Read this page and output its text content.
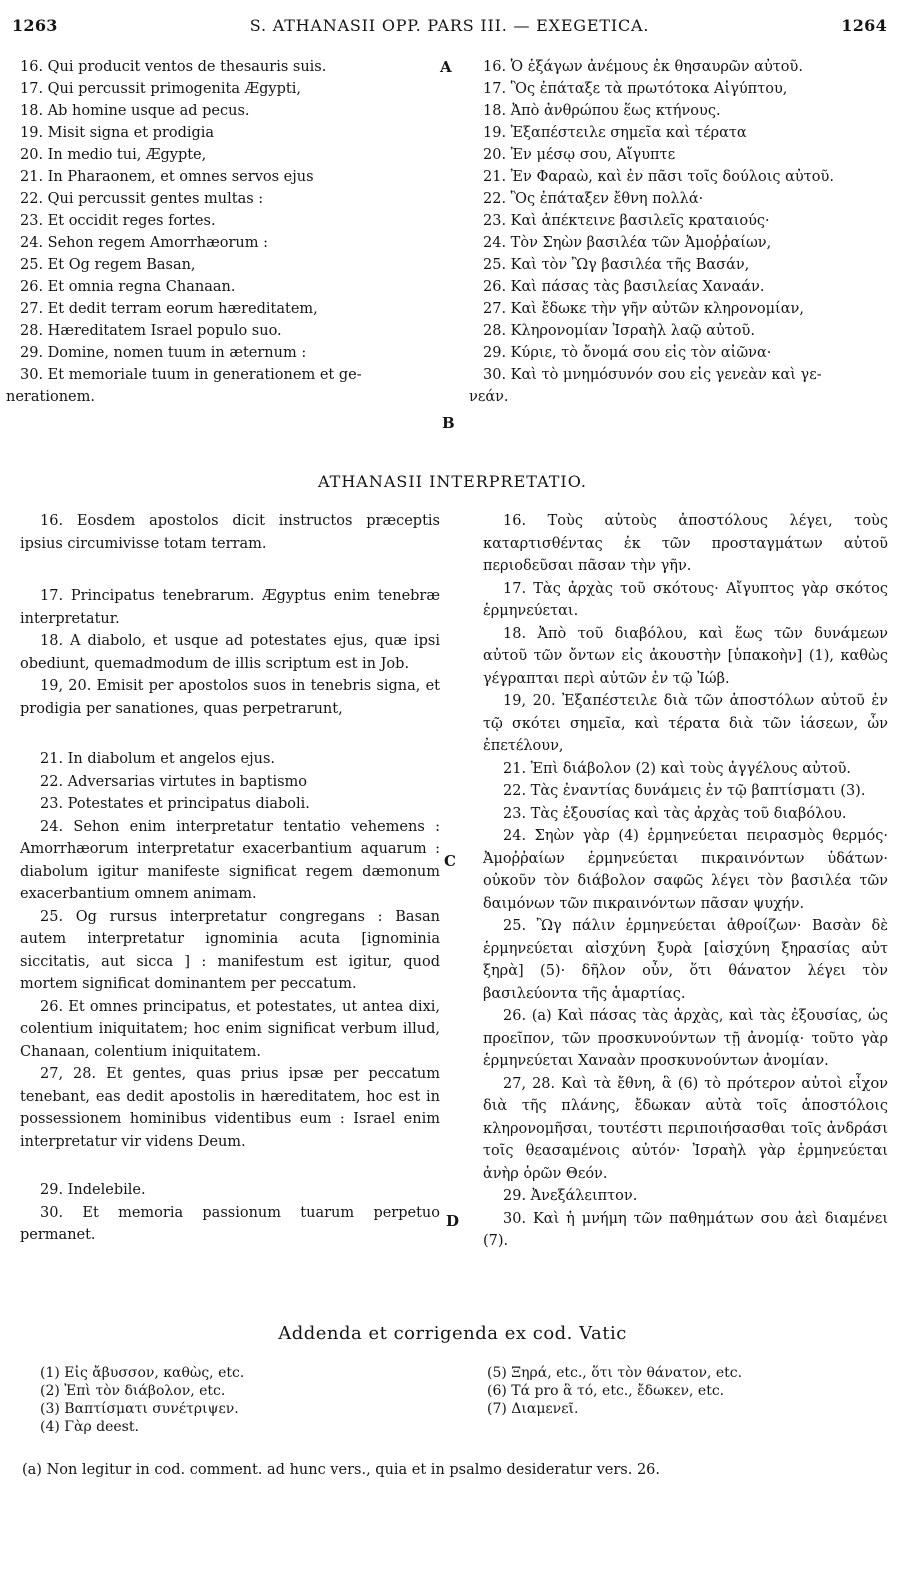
1263	S. ATHANASII OPP. PARS III. — EXEGETICA.	1264
16. Qui producit ventos de thesauris suis.
17. Qui percussit primogenita Ægypti,
18. Ab homine usque ad pecus.
19. Misit signa et prodigia
20. In medio tui, Ægypte,
21. In Pharaonem, et omnes servos ejus
22. Qui percussit gentes multas :
23. Et occidit reges fortes.
24. Sehon regem Amorrhæorum :
25. Et Og regem Basan,
26. Et omnia regna Chanaan.
27. Et dedit terram eorum hæreditatem,
28. Hæreditatem Israel populo suo.
29. Domine, nomen tuum in æternum :
30. Et memoriale tuum in generationem et ge-
nerationem.
16. Ὁ ἐξάγων ἀνέμους ἐκ θησαυρῶν αὐτοῦ.
17. Ὃς ἐπάταξε τὰ πρωτότοκα Αἰγύπτου,
18. Ἀπὸ ἀνθρώπου ἕως κτήνους.
19. Ἐξαπέστειλε σημεῖα καὶ τέρατα
20. Ἐν μέσῳ σου, Αἴγυπτε
21. Ἐν Φαραὼ, καὶ ἐν πᾶσι τοῖς δούλοις αὐτοῦ.
22. Ὃς ἐπάταξεν ἔθνη πολλά·
23. Καὶ ἀπέκτεινε βασιλεῖς κραταιούς·
24. Τὸν Σηὼν βασιλέα τῶν Ἀμοῤῥαίων,
25. Καὶ τὸν Ὢγ βασιλέα τῆς Βασάν,
26. Καὶ πάσας τὰς βασιλείας Χαναάν.
27. Καὶ ἔδωκε τὴν γῆν αὐτῶν κληρονομίαν,
28. Κληρονομίαν Ἰσραὴλ λαῷ αὐτοῦ.
29. Κύριε, τὸ ὄνομά σου εἰς τὸν αἰῶνα·
30. Καὶ τὸ μνημόσυνόν σου εἰς γενεὰν καὶ γε-
νεάν.
A
B
ATHANASII INTERPRETATIO.

16. Eosdem apostolos dicit instructos præceptis ipsius circumivisse totam terram.

17. Principatus tenebrarum. Ægyptus enim tenebræ interpretatur.

18. A diabolo, et usque ad potestates ejus, quæ ipsi obediunt, quemadmodum de illis scriptum est in Job.

19, 20. Emisit per apostolos suos in tenebris signa, et prodigia per sanationes, quas perpetrarunt,

21. In diabolum et angelos ejus.

22. Adversarias virtutes in baptismo

23. Potestates et principatus diaboli.

24. Sehon enim interpretatur tentatio vehemens : Amorrhæorum interpretatur exacerbantium aquarum : diabolum igitur manifeste significat regem dæmonum exacerbantium omnem animam.

25. Og rursus interpretatur congregans : Basan autem interpretatur ignominia acuta [ignominia siccitatis, aut sicca ] : manifestum est igitur, quod mortem significat dominantem per peccatum.

26. Et omnes principatus, et potestates, ut antea dixi, colentium iniquitatem; hoc enim significat verbum illud, Chanaan, colentium iniquitatem.

27, 28. Et gentes, quas prius ipsæ per peccatum tenebant, eas dedit apostolis in hæreditatem, hoc est in possessionem hominibus videntibus eum : Israel enim interpretatur vir videns Deum.

29. Indelebile.

30. Et memoria passionum tuarum perpetuo permanet.

16. Τοὺς αὐτοὺς ἀποστόλους λέγει, τοὺς καταρτισθέντας ἐκ τῶν προσταγμάτων αὐτοῦ περιοδεῦσαι πᾶσαν τὴν γῆν.

17. Τὰς ἀρχὰς τοῦ σκότους· Αἴγυπτος γὰρ σκότος ἑρμηνεύεται.

18. Ἀπὸ τοῦ διαβόλου, καὶ ἕως τῶν δυνάμεων αὐτοῦ τῶν ὄντων εἰς ἀκουστὴν [ὑπακοὴν] (1), καθὼς γέγραπται περὶ αὐτῶν ἐν τῷ Ἰώβ.

19, 20. Ἐξαπέστειλε διὰ τῶν ἀποστόλων αὐτοῦ ἐν τῷ σκότει σημεῖα, καὶ τέρατα διὰ τῶν ἰάσεων, ὧν ἐπετέλουν,

21. Ἐπὶ διάβολον (2) καὶ τοὺς ἀγγέλους αὐτοῦ.

22. Τὰς ἐναντίας δυνάμεις ἐν τῷ βαπτίσματι (3).

23. Τὰς ἐξουσίας καὶ τὰς ἀρχὰς τοῦ διαβόλου.

24. Σηὼν γὰρ (4) ἑρμηνεύεται πειρασμὸς θερμός· Ἀμοῤῥαίων ἑρμηνεύεται πικραινόντων ὑδάτων· οὐκοῦν τὸν διάβολον σαφῶς λέγει τὸν βασιλέα τῶν δαιμόνων τῶν πικραινόντων πᾶσαν ψυχήν.

25. Ὢγ πάλιν ἑρμηνεύεται ἀθροίζων· Βασὰν δὲ ἑρμηνεύεται αἰσχύνη ξυρὰ [αἰσχύνη ξηρασίας αὐτ ξηρὰ] (5)· δῆλον οὖν, ὅτι θάνατον λέγει τὸν βασιλεύοντα τῆς ἁμαρτίας.

26. (a) Καὶ πάσας τὰς ἀρχὰς, καὶ τὰς ἐξουσίας, ὡς προεῖπον, τῶν προσκυνούντων τῇ ἀνομίᾳ· τοῦτο γὰρ ἑρμηνεύεται Χαναὰν προσκυνούντων ἀνομίαν.

27, 28. Καὶ τὰ ἔθνη, ἃ (6) τὸ πρότερον αὐτοὶ εἶχον διὰ τῆς πλάνης, ἔδωκαν αὐτὰ τοῖς ἀποστόλοις κληρονομῆσαι, τουτέστι περιποιήσασθαι τοῖς ἀνδράσι τοῖς θεασαμένοις αὐτόν· Ἰσραὴλ γὰρ ἑρμηνεύεται ἀνὴρ ὁρῶν Θεόν.

29. Ἀνεξάλειπτον.

30. Καὶ ἡ μνήμη τῶν παθημάτων σου ἀεὶ διαμένει (7).

C
D
Addenda et corrigenda ex cod. Vatic
(1) Εἰς ἄβυσσον, καθὼς, etc.
(2) Ἐπὶ τὸν διάβολον, etc.
(3) Βαπτίσματι συνέτριψεν.
(4) Γὰρ deest.
(5) Ξηρά, etc., ὅτι τὸν θάνατον, etc.
(6) Τά pro ἃ τό, etc., ἔδωκεν, etc.
(7) Διαμενεῖ.
(a) Non legitur in cod. comment. ad hunc vers., quia et in psalmo desideratur vers. 26.
